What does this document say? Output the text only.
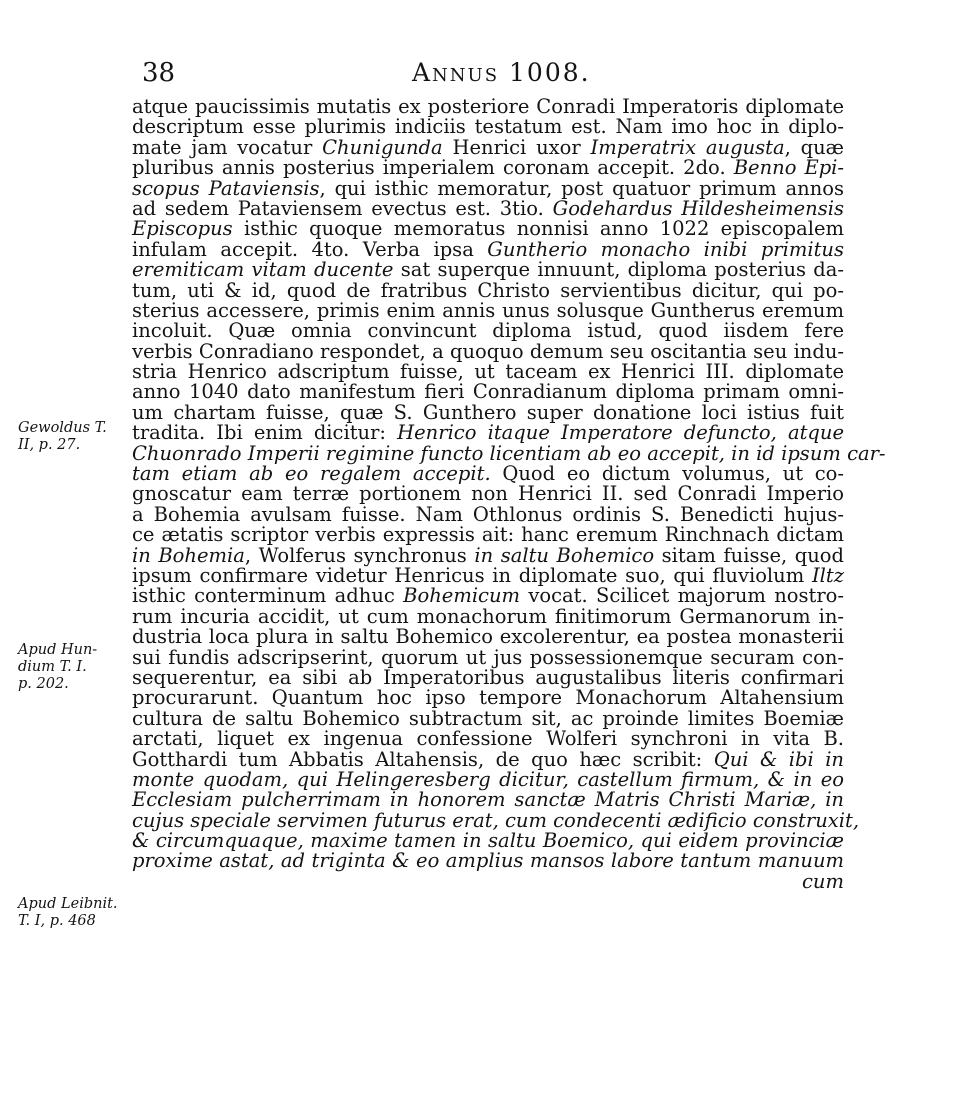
38	Annus 1008.
atque paucissimis mutatis ex posteriore Conradi Imperatoris diplomate
descriptum esse plurimis indiciis testatum est. Nam imo hoc in diplo-
mate jam vocatur Chunigunda Henrici uxor Imperatrix augusta, quæ
pluribus annis posterius imperialem coronam accepit. 2do. Benno Epi-
scopus Pataviensis, qui isthic memoratur, post quatuor primum annos
ad sedem Pataviensem evectus est. 3tio. Godehardus Hildesheimensis
Episcopus isthic quoque memoratus nonnisi anno 1022 episcopalem
infulam accepit. 4to. Verba ipsa Guntherio monacho inibi primitus
eremiticam vitam ducente sat superque innuunt, diploma posterius da-
tum, uti & id, quod de fratribus Christo servientibus dicitur, qui po-
sterius accessere, primis enim annis unus solusque Guntherus eremum
incoluit. Quæ omnia convincunt diploma istud, quod iisdem fere
verbis Conradiano respondet, a quoquo demum seu oscitantia seu indu-
stria Henrico adscriptum fuisse, ut taceam ex Henrici III. diplomate
anno 1040 dato manifestum fieri Conradianum diploma primam omni-
um chartam fuisse, quæ S. Gunthero super donatione loci istius fuit
tradita. Ibi enim dicitur: Henrico itaque Imperatore defuncto, atque
Chuonrado Imperii regimine functo licentiam ab eo accepit, in id ipsum car-
tam etiam ab eo regalem accepit. Quod eo dictum volumus, ut co-
gnoscatur eam terræ portionem non Henrici II. sed Conradi Imperio
a Bohemia avulsam fuisse. Nam Othlonus ordinis S. Benedicti hujus-
ce ætatis scriptor verbis expressis ait: hanc eremum Rinchnach dictam
in Bohemia, Wolferus synchronus in saltu Bohemico sitam fuisse, quod
ipsum confirmare videtur Henricus in diplomate suo, qui fluviolum Iltz
isthic conterminum adhuc Bohemicum vocat. Scilicet majorum nostro-
rum incuria accidit, ut cum monachorum finitimorum Germanorum in-
dustria loca plura in saltu Bohemico excolerentur, ea postea monasterii
sui fundis adscripserint, quorum ut jus possessionemque securam con-
sequerentur, ea sibi ab Imperatoribus augustalibus literis confirmari
procurarunt. Quantum hoc ipso tempore Monachorum Altahensium
cultura de saltu Bohemico subtractum sit, ac proinde limites Boemiæ
arctati, liquet ex ingenua confessione Wolferi synchroni in vita B.
Gotthardi tum Abbatis Altahensis, de quo hæc scribit: Qui & ibi in
monte quodam, qui Helingeresberg dicitur, castellum firmum, & in eo
Ecclesiam pulcherrimam in honorem sanctæ Matris Christi Mariæ, in
cujus speciale servimen futurus erat, cum condecenti ædificio construxit,
& circumquaque, maxime tamen in saltu Boemico, qui eidem provinciæ
proxime astat, ad triginta & eo amplius mansos labore tantum manuum
cum
Gewoldus T.
II, p. 27.
Apud Hun-
dium T. I.
p. 202.
Apud Leibnit.
T. I, p. 468
